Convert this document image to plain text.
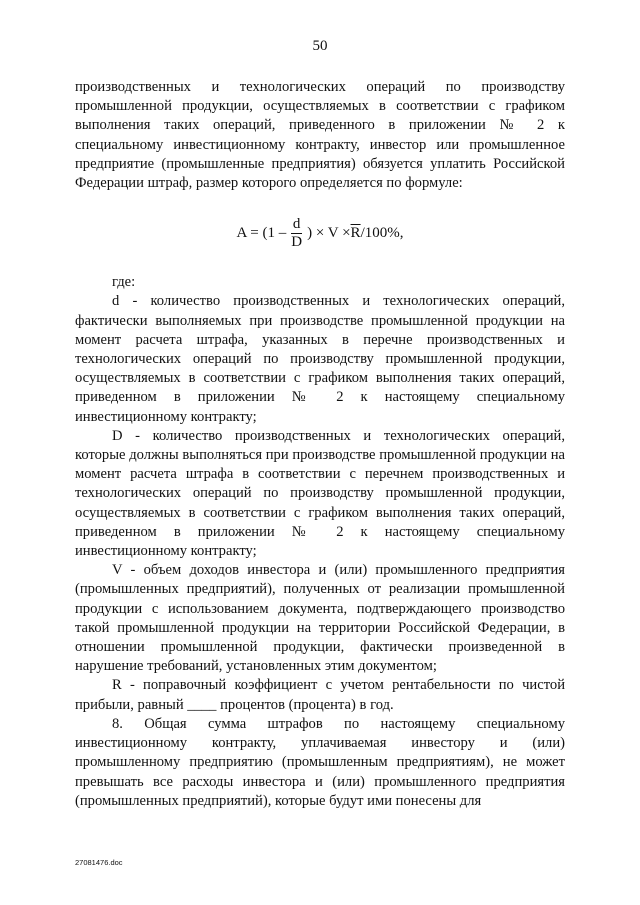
50

производственных и технологических операций по производству промышленной продукции, осуществляемых в соответствии с графиком выполнения таких операций, приведенного в приложении № 2 к специальному инвестиционному контракту, инвестор или промышленное предприятие (промышленные предприятия) обязуется уплатить Российской Федерации штраф, размер которого определяется по формуле:

$A = (1 - \frac{d}{D}$ ) × $V \times \overline{R}$ /100%,

где:

d - количество производственных и технологических операций, фактически выполняемых при производстве промышленной продукции на момент расчета штрафа, указанных в перечне производственных и технологических операций по производству промышленной продукции, осуществляемых в соответствии с графиком выполнения таких операций, приведенном в приложении № 2 к настоящему специальному инвестиционному контракту;

D - количество производственных и технологических операций, которые должны выполняться при производстве промышленной продукции на момент расчета штрафа в соответствии с перечнем производственных и технологических операций по производству промышленной продукции, осуществляемых в соответствии с графиком выполнения таких операций, приведенном в приложении № 2 к настоящему специальному инвестиционному контракту;

V - объем доходов инвестора и (или) промышленного предприятия (промышленных предприятий), полученных от реализации промышленной продукции с использованием документа, подтверждающего производство такой промышленной продукции на территории Российской Федерации, в отношении промышленной продукции, фактически произведенной в нарушение требований, установленных этим документом;

R - поправочный коэффициент с учетом рентабельности по чистой прибыли, равный ____ процентов (процента) в год.

8. Общая сумма штрафов по настоящему специальному инвестиционному контракту, уплачиваемая инвестору и (или) промышленному предприятию (промышленным предприятиям), не может превышать все расходы инвестора и (или) промышленного предприятия (промышленных предприятий), которые будут ими понесены для

27081476.doc
